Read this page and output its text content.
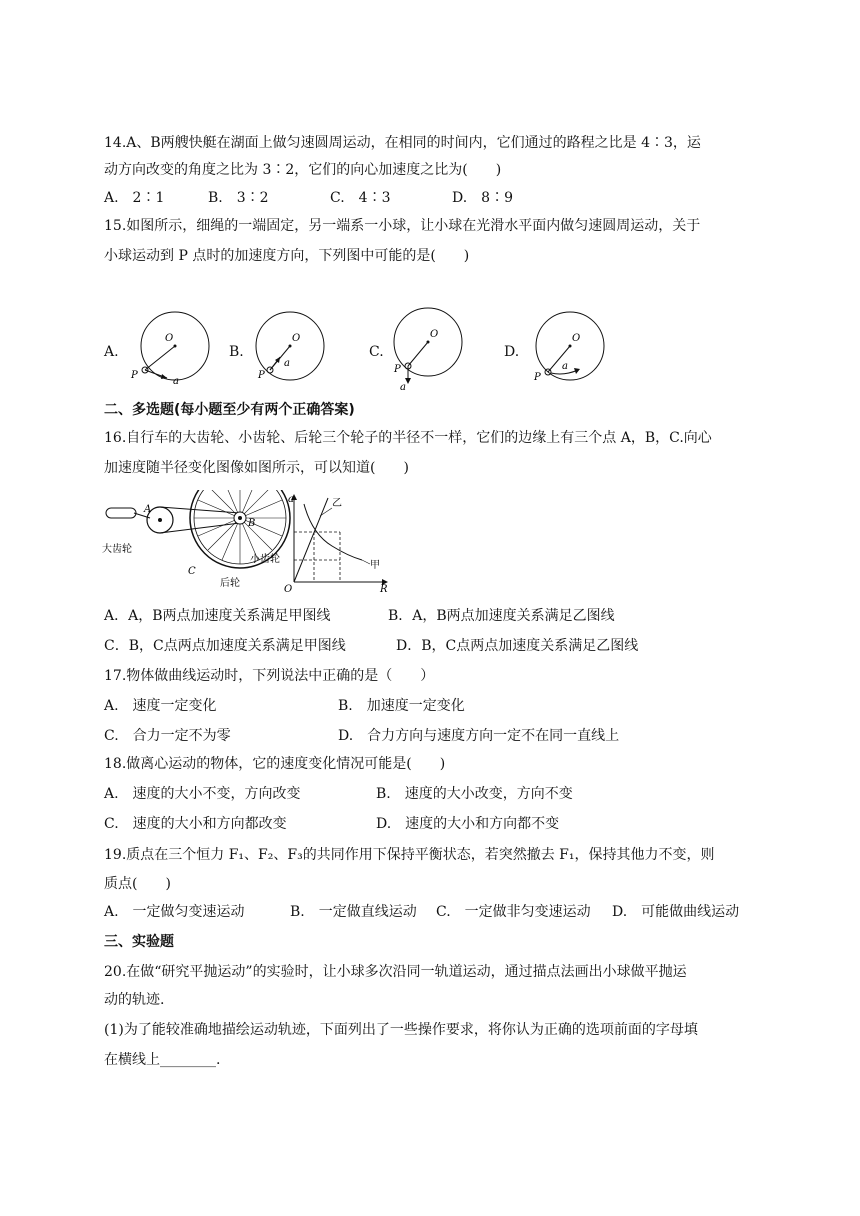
14.A、B两艘快艇在湖面上做匀速圆周运动，在相同的时间内，它们通过的路程之比是 4∶3，运
动方向改变的角度之比为 3∶2，它们的向心加速度之比为(　　)
A.　2∶1	B.　3∶2	C.　4∶3	D.　8∶9
15.如图所示，细绳的一端固定，另一端系一小球，让小球在光滑水平面内做匀速圆周运动，关于
小球运动到 P 点时的加速度方向，下列图中可能的是(　　)
A.
O
P
a
B.
O
P
a
C.
O
P
a
D.
O
P
a
二、多选题(每小题至少有两个正确答案)
16.自行车的大齿轮、小齿轮、后轮三个轮子的半径不一样，它们的边缘上有三个点 A，B，C.向心
加速度随半径变化图像如图所示，可以知道(　　)
A
B
C
大齿轮
小齿轮
后轮
a
R
O
乙
甲
A．A，B两点加速度关系满足甲图线	B．A，B两点加速度关系满足乙图线
C．B，C点两点加速度关系满足甲图线	D．B，C点两点加速度关系满足乙图线
17.物体做曲线运动时，下列说法中正确的是（　　）
A.　速度一定变化	B.　加速度一定变化
C.　合力一定不为零	D.　合力方向与速度方向一定不在同一直线上
18.做离心运动的物体，它的速度变化情况可能是(　　)
A.　速度的大小不变，方向改变	B.　速度的大小改变，方向不变
C.　速度的大小和方向都改变	D.　速度的大小和方向都不变
19.质点在三个恒力 F₁、F₂、F₃的共同作用下保持平衡状态，若突然撤去 F₁，保持其他力不变，则
质点(　　)
A.　一定做匀变速运动	B.　一定做直线运动 C.　一定做非匀变速运动 D.　可能做曲线运动
三、实验题
20.在做“研究平抛运动”的实验时，让小球多次沿同一轨道运动，通过描点法画出小球做平抛运
动的轨迹.
(1)为了能较准确地描绘运动轨迹，下面列出了一些操作要求，将你认为正确的选项前面的字母填
在横线上________.
